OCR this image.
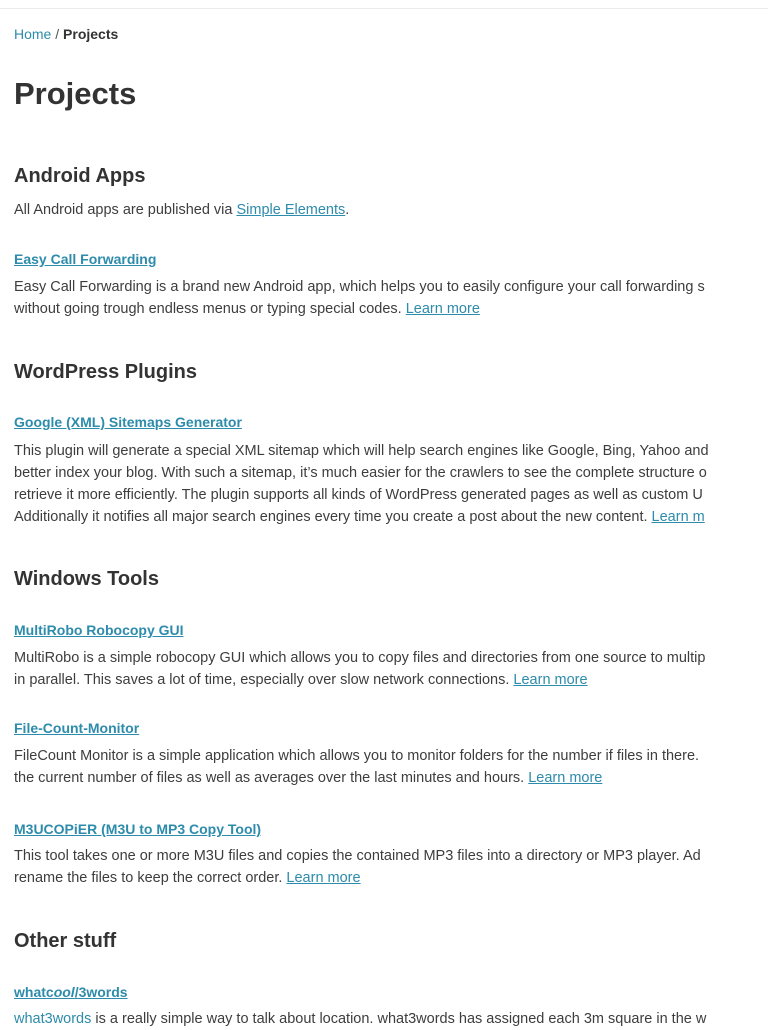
Home / Projects
Projects
Android Apps

All Android apps are published via Simple Elements.

Easy Call Forwarding

Easy Call Forwarding is a brand new Android app, which helps you to easily configure your call forwarding s

without going trough endless menus or typing special codes. Learn more

WordPress Plugins
Google (XML) Sitemaps Generator

This plugin will generate a special XML sitemap which will help search engines like Google, Bing, Yahoo and

better index your blog. With such a sitemap, it’s much easier for the crawlers to see the complete structure o

retrieve it more efficiently. The plugin supports all kinds of WordPress generated pages as well as custom U

Additionally it notifies all major search engines every time you create a post about the new content. Learn m

Windows Tools
MultiRobo Robocopy GUI

MultiRobo is a simple robocopy GUI which allows you to copy files and directories from one source to multip

in parallel. This saves a lot of time, especially over slow network connections. Learn more

File-Count-Monitor

FileCount Monitor is a simple application which allows you to monitor folders for the number if files in there.

the current number of files as well as averages over the last minutes and hours. Learn more

M3UCOPiER (M3U to MP3 Copy Tool)

This tool takes one or more M3U files and copies the contained MP3 files into a directory or MP3 player. Ad

rename the files to keep the correct order. Learn more

Other stuff
whatcool/3words

what3words is a really simple way to talk about location. what3words has assigned each 3m square in the w
